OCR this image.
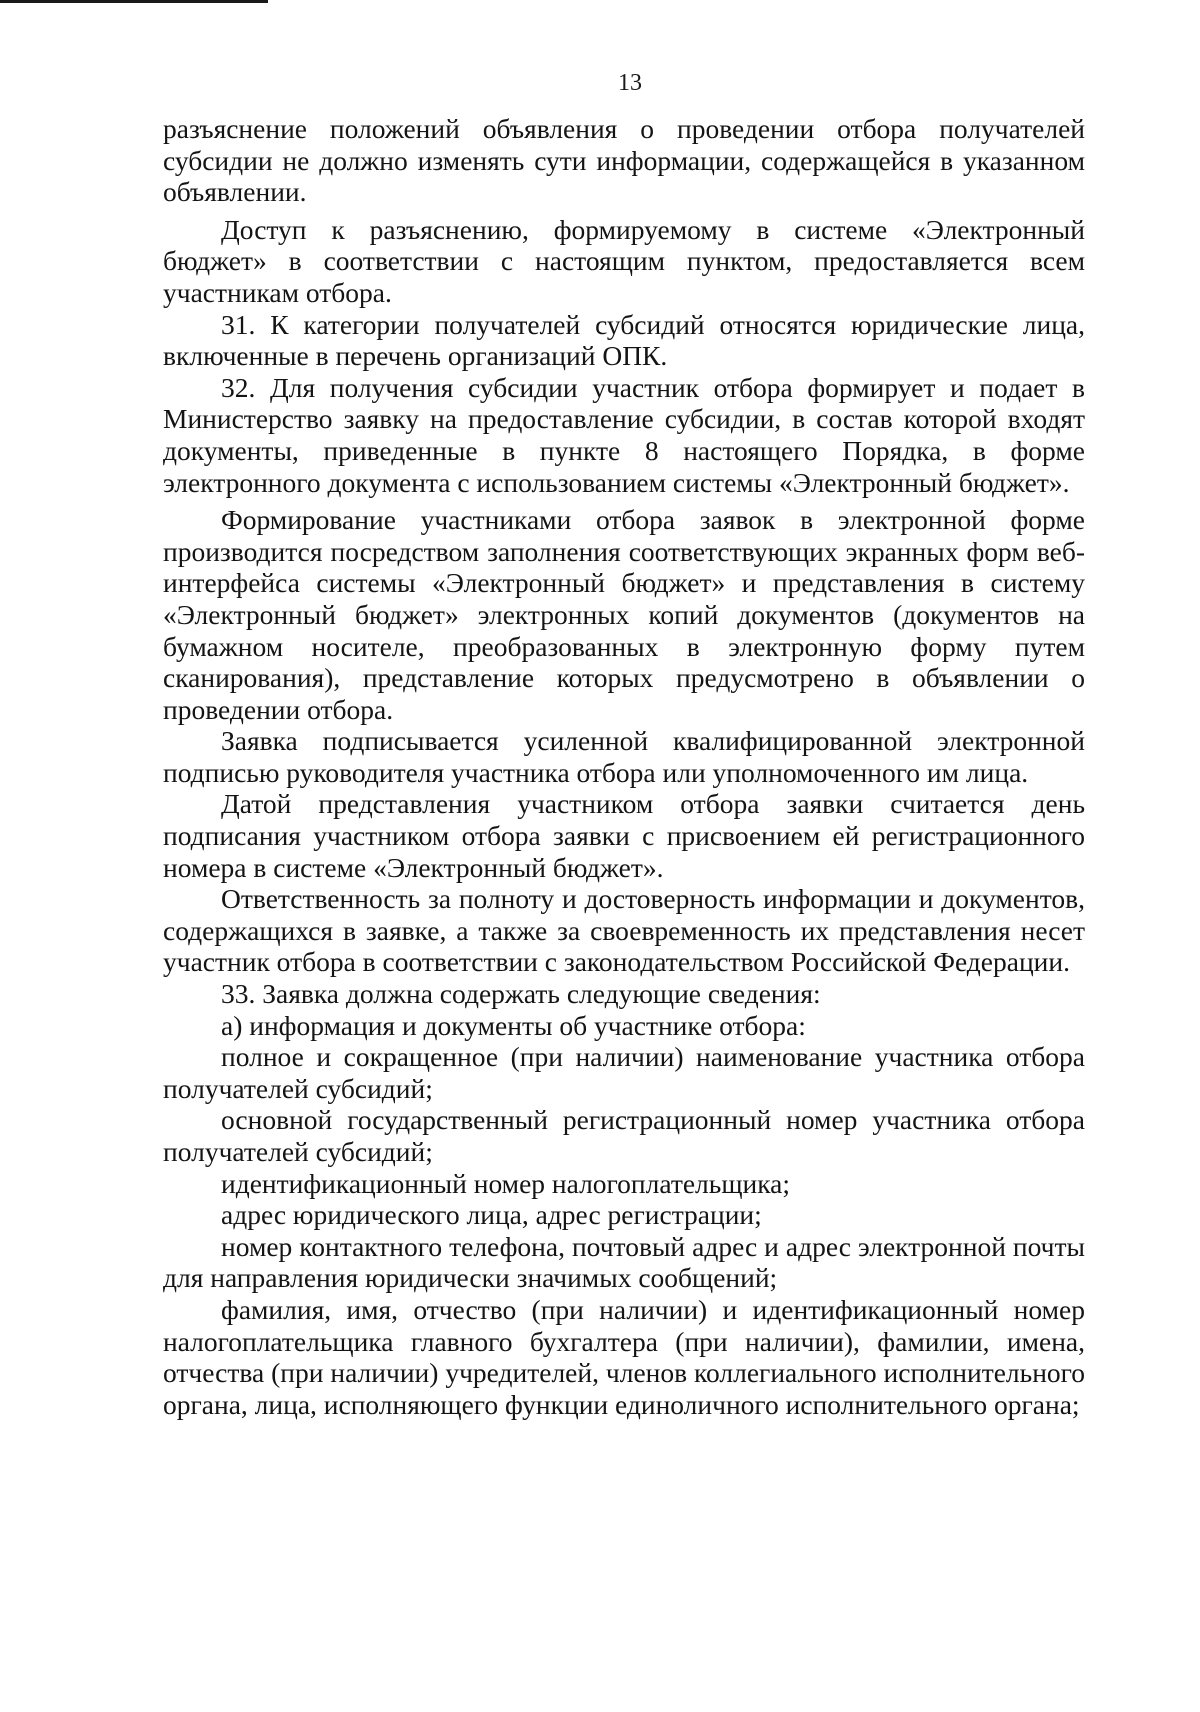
13

разъяснение положений объявления о проведении отбора получателей субсидии не должно изменять сути информации, содержащейся в указанном объявлении.

Доступ к разъяснению, формируемому в системе «Электронный бюджет» в соответствии с настоящим пунктом, предоставляется всем участникам отбора.

31. К категории получателей субсидий относятся юридические лица, включенные в перечень организаций ОПК.

32. Для получения субсидии участник отбора формирует и подает в Министерство заявку на предоставление субсидии, в состав которой входят документы, приведенные в пункте 8 настоящего Порядка, в форме электронного документа с использованием системы «Электронный бюджет».

Формирование участниками отбора заявок в электронной форме производится посредством заполнения соответствующих экранных форм веб-интерфейса системы «Электронный бюджет» и представления в систему «Электронный бюджет» электронных копий документов (документов на бумажном носителе, преобразованных в электронную форму путем сканирования), представление которых предусмотрено в объявлении о проведении отбора.

Заявка подписывается усиленной квалифицированной электронной подписью руководителя участника отбора или уполномоченного им лица.

Датой представления участником отбора заявки считается день подписания участником отбора заявки с присвоением ей регистрационного номера в системе «Электронный бюджет».

Ответственность за полноту и достоверность информации и документов, содержащихся в заявке, а также за своевременность их представления несет участник отбора в соответствии с законодательством Российской Федерации.

33. Заявка должна содержать следующие сведения:

а) информация и документы об участнике отбора:

полное и сокращенное (при наличии) наименование участника отбора получателей субсидий;

основной государственный регистрационный номер участника отбора получателей субсидий;

идентификационный номер налогоплательщика;

адрес юридического лица, адрес регистрации;

номер контактного телефона, почтовый адрес и адрес электронной почты для направления юридически значимых сообщений;

фамилия, имя, отчество (при наличии) и идентификационный номер налогоплательщика главного бухгалтера (при наличии), фамилии, имена, отчества (при наличии) учредителей, членов коллегиального исполнительного органа, лица, исполняющего функции единоличного исполнительного органа;
